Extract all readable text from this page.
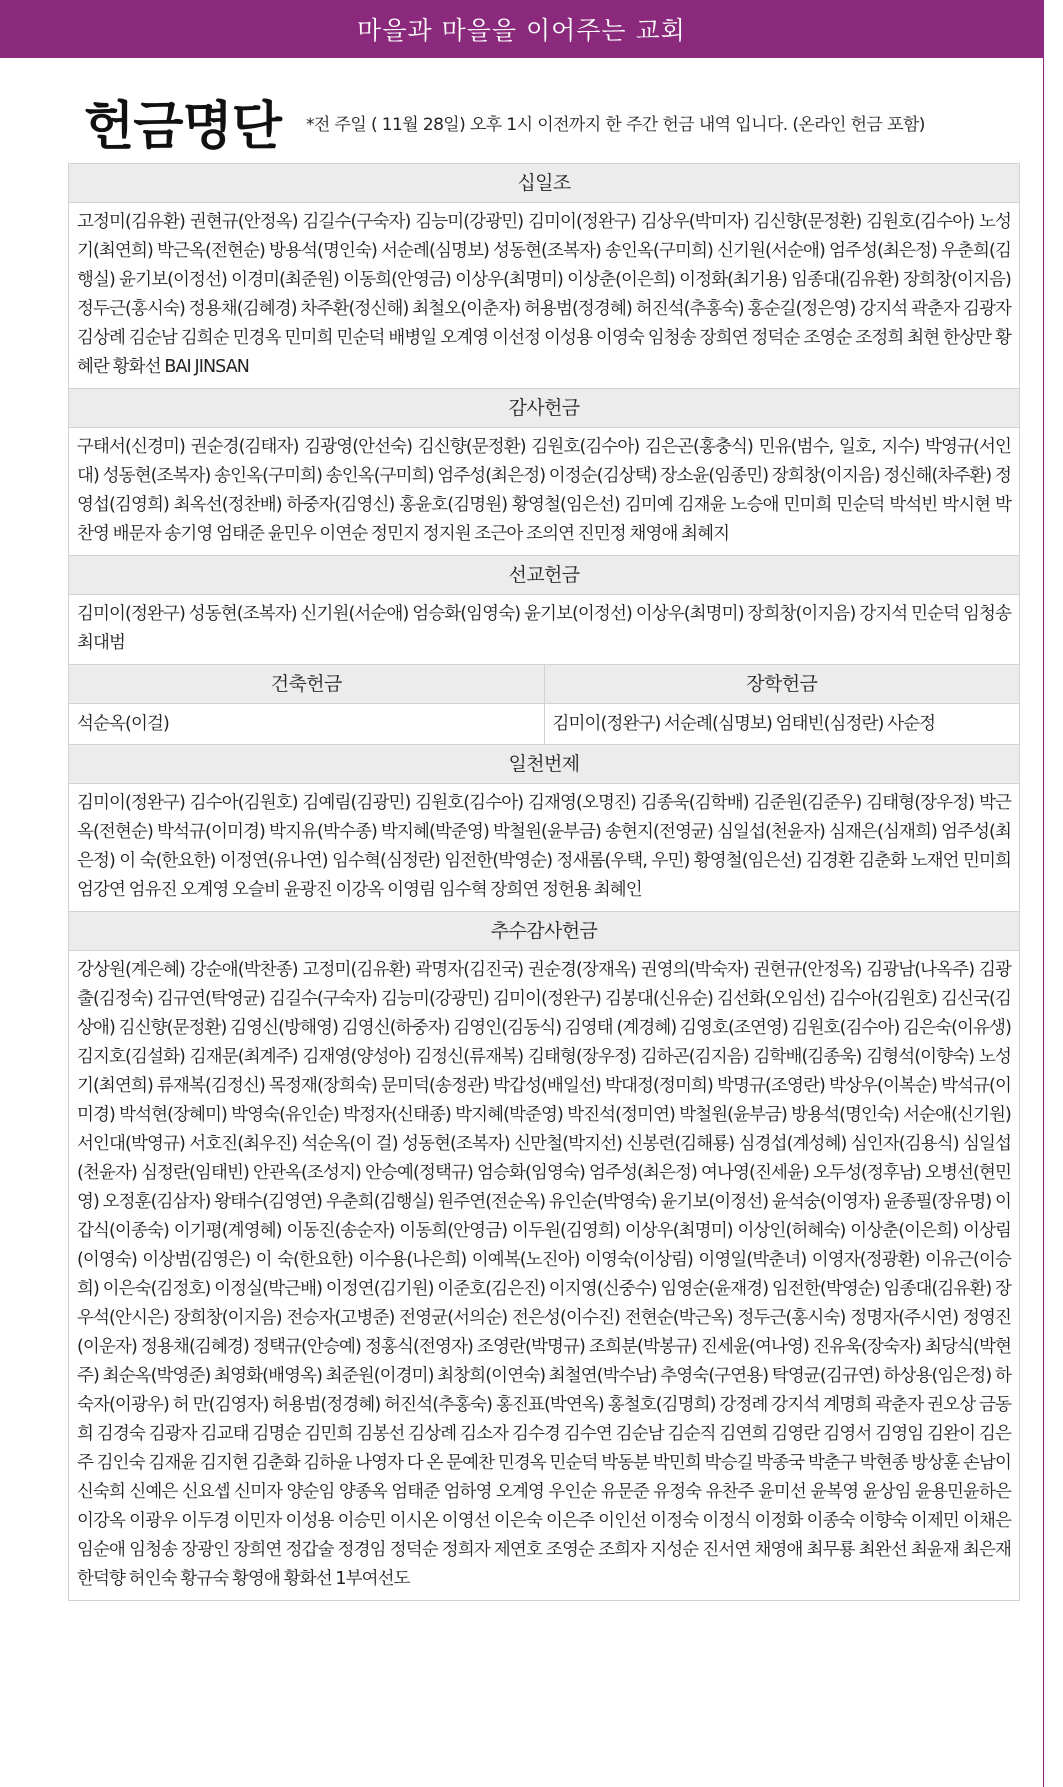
마을과 마을을 이어주는 교회
헌금명단 *전 주일 ( 11월 28일) 오후 1시 이전까지 한 주간 헌금 내역 입니다. (온라인 헌금 포함)
십일조
고정미(김유환) 권현규(안정옥) 김길수(구숙자) 김능미(강광민) 김미이(정완구) 김상우(박미자) 김신향(문정환) 김원호(김수아) 노성기(최연희) 박근옥(전현순) 방용석(명인숙) 서순례(심명보) 성동현(조복자) 송인옥(구미희) 신기원(서순애) 엄주성(최은정) 우춘희(김행실) 윤기보(이정선) 이경미(최준원) 이동희(안영금) 이상우(최명미) 이상춘(이은희) 이정화(최기용) 임종대(김유환) 장희창(이지음) 정두근(홍시숙) 정용채(김혜경) 차주환(정신해) 최철오(이춘자) 허용범(정경혜) 허진석(추홍숙) 홍순길(정은영) 강지석 곽춘자 김광자 김상례 김순남 김희순 민경옥 민미희 민순덕 배병일 오계영 이선정 이성용 이영숙 임청송 장희연 정덕순 조영순 조정희 최현 한상만 황혜란 황화선 BAI JINSAN
감사헌금
구태서(신경미) 권순경(김태자) 김광영(안선숙) 김신향(문정환) 김원호(김수아) 김은곤(홍충식) 민유(범수, 일호, 지수) 박영규(서인대) 성동현(조복자) 송인옥(구미희) 송인옥(구미희) 엄주성(최은정) 이정순(김상택) 장소윤(임종민) 장희창(이지음) 정신해(차주환) 정영섭(김영희) 최옥선(정찬배) 하중자(김영신) 홍윤호(김명원) 황영철(임은선) 김미예 김재윤 노승애 민미희 민순덕 박석빈 박시현 박찬영 배문자 송기영 엄태준 윤민우 이연순 정민지 정지원 조근아 조의연 진민정 채영애 최혜지
선교헌금
김미이(정완구) 성동현(조복자) 신기원(서순애) 엄승화(임영숙) 윤기보(이정선) 이상우(최명미) 장희창(이지음) 강지석 민순덕 임청송 최대범
건축헌금
석순옥(이걸)
장학헌금
김미이(정완구) 서순례(심명보) 엄태빈(심정란) 사순정
일천번제
김미이(정완구) 김수아(김원호) 김예림(김광민) 김원호(김수아) 김재영(오명진) 김종욱(김학배) 김준원(김준우) 김태형(장우정) 박근옥(전현순) 박석규(이미경) 박지유(박수종) 박지혜(박준영) 박철원(윤부금) 송현지(전영균) 심일섭(천윤자) 심재은(심재희) 엄주성(최은정) 이 숙(한요한) 이정연(유나연) 임수혁(심정란) 임전한(박영순) 정새롬(우택, 우민) 황영철(임은선) 김경환 김춘화 노재언 민미희 엄강연 엄유진 오계영 오슬비 윤광진 이강옥 이영림 임수혁 장희연 정헌용 최혜인
추수감사헌금
강상원(계은혜) 강순애(박찬종) 고정미(김유환) 곽명자(김진국) 권순경(장재옥) 권영의(박숙자) 권현규(안정옥) 김광남(나옥주) 김광출(김정숙) 김규연(탁영균) 김길수(구숙자) 김능미(강광민) 김미이(정완구) 김봉대(신유순) 김선화(오임선) 김수아(김원호) 김신국(김상애) 김신향(문정환) 김영신(방해영) 김영신(하중자) 김영인(김동식) 김영태 (계경혜) 김영호(조연영) 김원호(김수아) 김은숙(이유생) 김지호(김설화) 김재문(최계주) 김재영(양성아) 김정신(류재복) 김태형(장우정) 김하곤(김지음) 김학배(김종욱) 김형석(이향숙) 노성기(최연희) 류재복(김정신) 목정재(장희숙) 문미덕(송정관) 박갑성(배일선) 박대정(정미희) 박명규(조영란) 박상우(이복순) 박석규(이미경) 박석현(장혜미) 박영숙(유인순) 박정자(신태종) 박지혜(박준영) 박진석(정미연) 박철원(윤부금) 방용석(명인숙) 서순애(신기원) 서인대(박영규) 서호진(최우진) 석순옥(이 걸) 성동현(조복자) 신만철(박지선) 신봉련(김해룡) 심경섭(계성혜) 심인자(김용식) 심일섭(천윤자) 심정란(임태빈) 안관옥(조성지) 안승예(정택규) 엄승화(임영숙) 엄주성(최은정) 여나영(진세윤) 오두성(정후남) 오병선(현민영) 오정훈(김삼자) 왕태수(김영연) 우춘희(김행실) 원주연(전순옥) 유인순(박영숙) 윤기보(이정선) 윤석숭(이영자) 윤종필(장유명) 이갑식(이종숙) 이기평(계영혜) 이동진(송순자) 이동희(안영금) 이두원(김영희) 이상우(최명미) 이상인(허혜숙) 이상춘(이은희) 이상림(이영숙) 이상범(김영은) 이 숙(한요한) 이수용(나은희) 이예복(노진아) 이영숙(이상림) 이영일(박춘녀) 이영자(정광환) 이유근(이승희) 이은숙(김정호) 이정실(박근배) 이정연(김기원) 이준호(김은진) 이지영(신중수) 임영순(윤재경) 임전한(박영순) 임종대(김유환) 장우석(안시은) 장희창(이지음) 전승자(고병준) 전영균(서의순) 전은성(이수진) 전현순(박근옥) 정두근(홍시숙) 정명자(주시연) 정영진(이운자) 정용채(김혜경) 정택규(안승예) 정홍식(전영자) 조영란(박명규) 조희분(박봉규) 진세윤(여나영) 진유욱(장숙자) 최당식(박현주) 최순옥(박영준) 최영화(배영옥) 최준원(이경미) 최창희(이연숙) 최철연(박수남) 추영숙(구연용) 탁영균(김규연) 하상용(임은정) 하숙자(이광우) 허 만(김영자) 허용범(정경혜) 허진석(추홍숙) 홍진표(박연옥) 홍철호(김명희) 강정례 강지석 계명희 곽춘자 권오상 금동희 김경숙 김광자 김교태 김명순 김민희 김봉선 김상례 김소자 김수경 김수연 김순남 김순직 김연희 김영란 김영서 김영임 김완이 김은주 김인숙 김재윤 김지현 김춘화 김하윤 나영자 다 온 문예찬 민경옥 민순덕 박동분 박민희 박승길 박종국 박춘구 박현종 방상훈 손남이 신숙희 신예은 신요셉 신미자 양순임 양종옥 엄태준 엄하영 오계영 우인순 유문준 유정숙 유찬주 윤미선 윤복영 윤상임 윤용민윤하은 이강옥 이광우 이두경 이민자 이성용 이승민 이시온 이영선 이은숙 이은주 이인선 이정숙 이정식 이정화 이종숙 이향숙 이제민 이채은 임순애 임청송 장광인 장희연 정갑술 정경임 정덕순 정희자 제연호 조영순 조희자 지성순 진서연 채영애 최무룡 최완선 최윤재 최은재 한덕향 허인숙 황규숙 황영애 황화선 1부여선도
